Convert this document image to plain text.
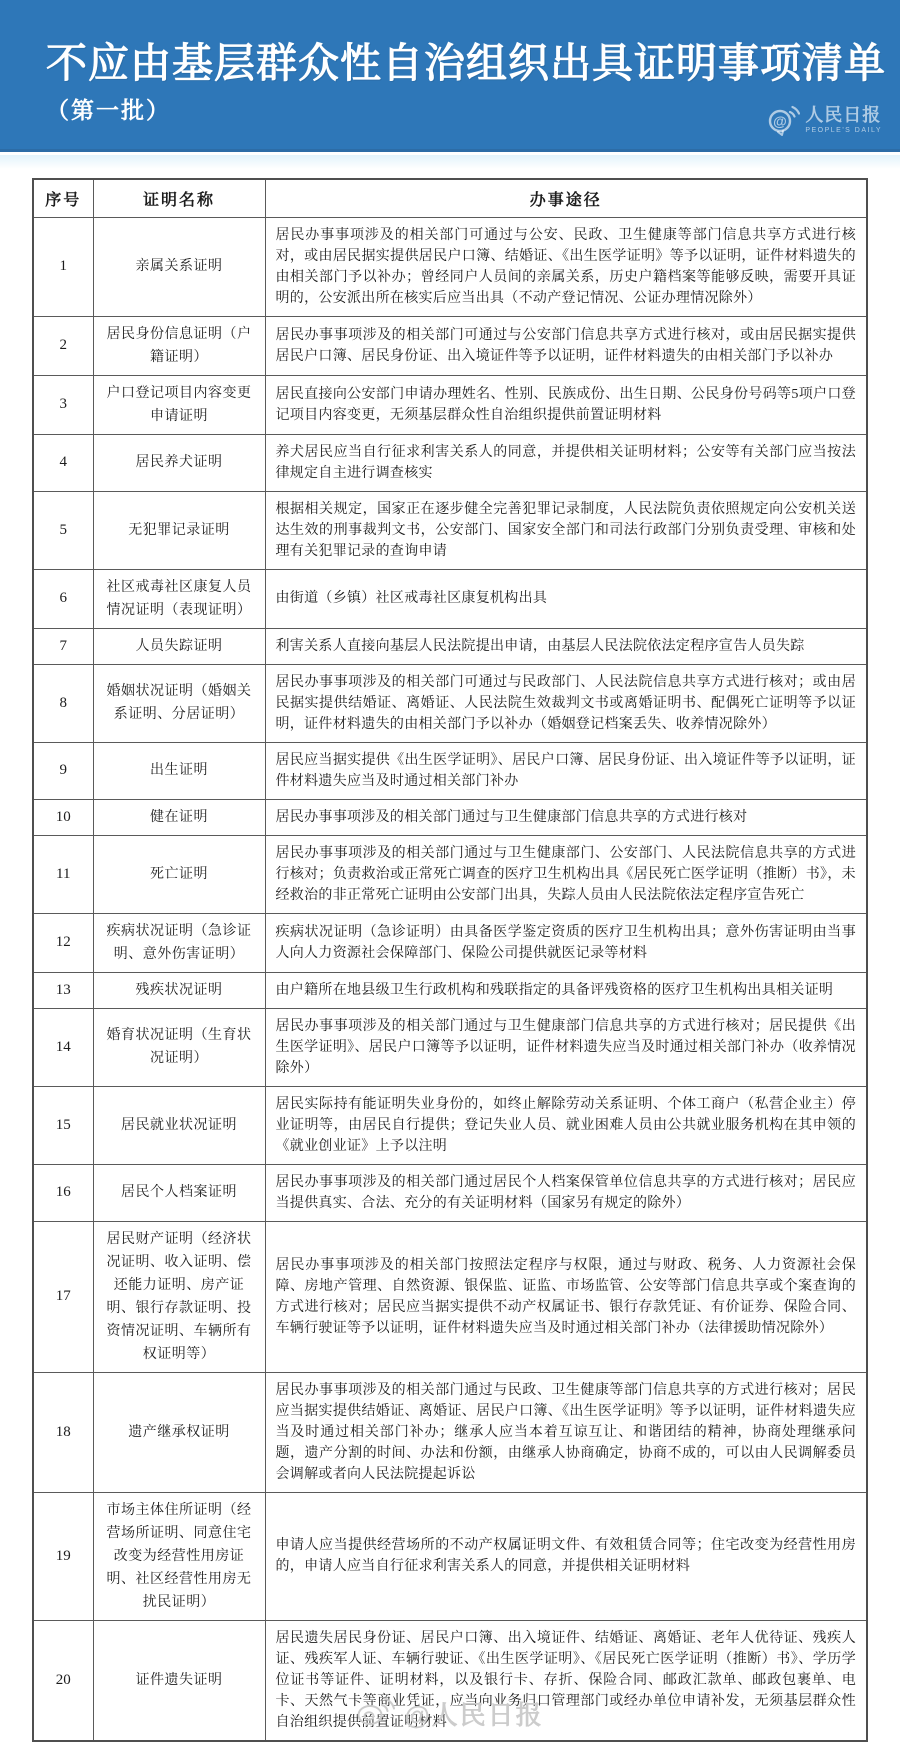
不应由基层群众性自治组织出具证明事项清单
（第一批）	@ 人民日报
PEOPLE'S DAILY
序号	证明名称	办事途径
1	亲属关系证明	居民办事事项涉及的相关部门可通过与公安、民政、卫生健康等部门信息共享方式进行核对，或由居民据实提供居民户口簿、结婚证、《出生医学证明》等予以证明，证件材料遗失的由相关部门予以补办；曾经同户人员间的亲属关系，历史户籍档案等能够反映，需要开具证明的，公安派出所在核实后应当出具（不动产登记情况、公证办理情况除外）
2	居民身份信息证明（户籍证明）	居民办事事项涉及的相关部门可通过与公安部门信息共享方式进行核对，或由居民据实提供居民户口簿、居民身份证、出入境证件等予以证明，证件材料遗失的由相关部门予以补办
3	户口登记项目内容变更申请证明	居民直接向公安部门申请办理姓名、性别、民族成份、出生日期、公民身份号码等5项户口登记项目内容变更，无须基层群众性自治组织提供前置证明材料
4	居民养犬证明	养犬居民应当自行征求利害关系人的同意，并提供相关证明材料；公安等有关部门应当按法律规定自主进行调查核实
5	无犯罪记录证明	根据相关规定，国家正在逐步健全完善犯罪记录制度，人民法院负责依照规定向公安机关送达生效的刑事裁判文书，公安部门、国家安全部门和司法行政部门分别负责受理、审核和处理有关犯罪记录的查询申请
6	社区戒毒社区康复人员情况证明（表现证明）	由街道（乡镇）社区戒毒社区康复机构出具
7	人员失踪证明	利害关系人直接向基层人民法院提出申请，由基层人民法院依法定程序宣告人员失踪
8	婚姻状况证明（婚姻关系证明、分居证明）	居民办事事项涉及的相关部门可通过与民政部门、人民法院信息共享方式进行核对；或由居民据实提供结婚证、离婚证、人民法院生效裁判文书或离婚证明书、配偶死亡证明等予以证明，证件材料遗失的由相关部门予以补办（婚姻登记档案丢失、收养情况除外）
9	出生证明	居民应当据实提供《出生医学证明》、居民户口簿、居民身份证、出入境证件等予以证明，证件材料遗失应当及时通过相关部门补办
10	健在证明	居民办事事项涉及的相关部门通过与卫生健康部门信息共享的方式进行核对
11	死亡证明	居民办事事项涉及的相关部门通过与卫生健康部门、公安部门、人民法院信息共享的方式进行核对；负责救治或正常死亡调查的医疗卫生机构出具《居民死亡医学证明（推断）书》，未经救治的非正常死亡证明由公安部门出具，失踪人员由人民法院依法定程序宣告死亡
12	疾病状况证明（急诊证明、意外伤害证明）	疾病状况证明（急诊证明）由具备医学鉴定资质的医疗卫生机构出具；意外伤害证明由当事人向人力资源社会保障部门、保险公司提供就医记录等材料
13	残疾状况证明	由户籍所在地县级卫生行政机构和残联指定的具备评残资格的医疗卫生机构出具相关证明
14	婚育状况证明（生育状况证明）	居民办事事项涉及的相关部门通过与卫生健康部门信息共享的方式进行核对；居民提供《出生医学证明》、居民户口簿等予以证明，证件材料遗失应当及时通过相关部门补办（收养情况除外）
15	居民就业状况证明	居民实际持有能证明失业身份的，如终止解除劳动关系证明、个体工商户（私营企业主）停业证明等，由居民自行提供；登记失业人员、就业困难人员由公共就业服务机构在其申领的《就业创业证》上予以注明
16	居民个人档案证明	居民办事事项涉及的相关部门通过居民个人档案保管单位信息共享的方式进行核对；居民应当提供真实、合法、充分的有关证明材料（国家另有规定的除外）
17	居民财产证明（经济状况证明、收入证明、偿还能力证明、房产证明、银行存款证明、投资情况证明、车辆所有权证明等）	居民办事事项涉及的相关部门按照法定程序与权限，通过与财政、税务、人力资源社会保障、房地产管理、自然资源、银保监、证监、市场监管、公安等部门信息共享或个案查询的方式进行核对；居民应当据实提供不动产权属证书、银行存款凭证、有价证券、保险合同、车辆行驶证等予以证明，证件材料遗失应当及时通过相关部门补办（法律援助情况除外）
18	遗产继承权证明	居民办事事项涉及的相关部门通过与民政、卫生健康等部门信息共享的方式进行核对；居民应当据实提供结婚证、离婚证、居民户口簿、《出生医学证明》等予以证明，证件材料遗失应当及时通过相关部门补办；继承人应当本着互谅互让、和谐团结的精神，协商处理继承问题，遗产分割的时间、办法和份额，由继承人协商确定，协商不成的，可以由人民调解委员会调解或者向人民法院提起诉讼
19	市场主体住所证明（经营场所证明、同意住宅改变为经营性用房证明、社区经营性用房无扰民证明）	申请人应当提供经营场所的不动产权属证明文件、有效租赁合同等；住宅改变为经营性用房的，申请人应当自行征求利害关系人的同意，并提供相关证明材料
20	证件遗失证明	居民遗失居民身份证、居民户口簿、出入境证件、结婚证、离婚证、老年人优待证、残疾人证、残疾军人证、车辆行驶证、《出生医学证明》、《居民死亡医学证明（推断）书》、学历学位证书等证件、证明材料，以及银行卡、存折、保险合同、邮政汇款单、邮政包裹单、电卡、天然气卡等商业凭证，应当向业务归口管理部门或经办单位申请补发，无须基层群众性自治组织提供前置证明材料
@人民日报
